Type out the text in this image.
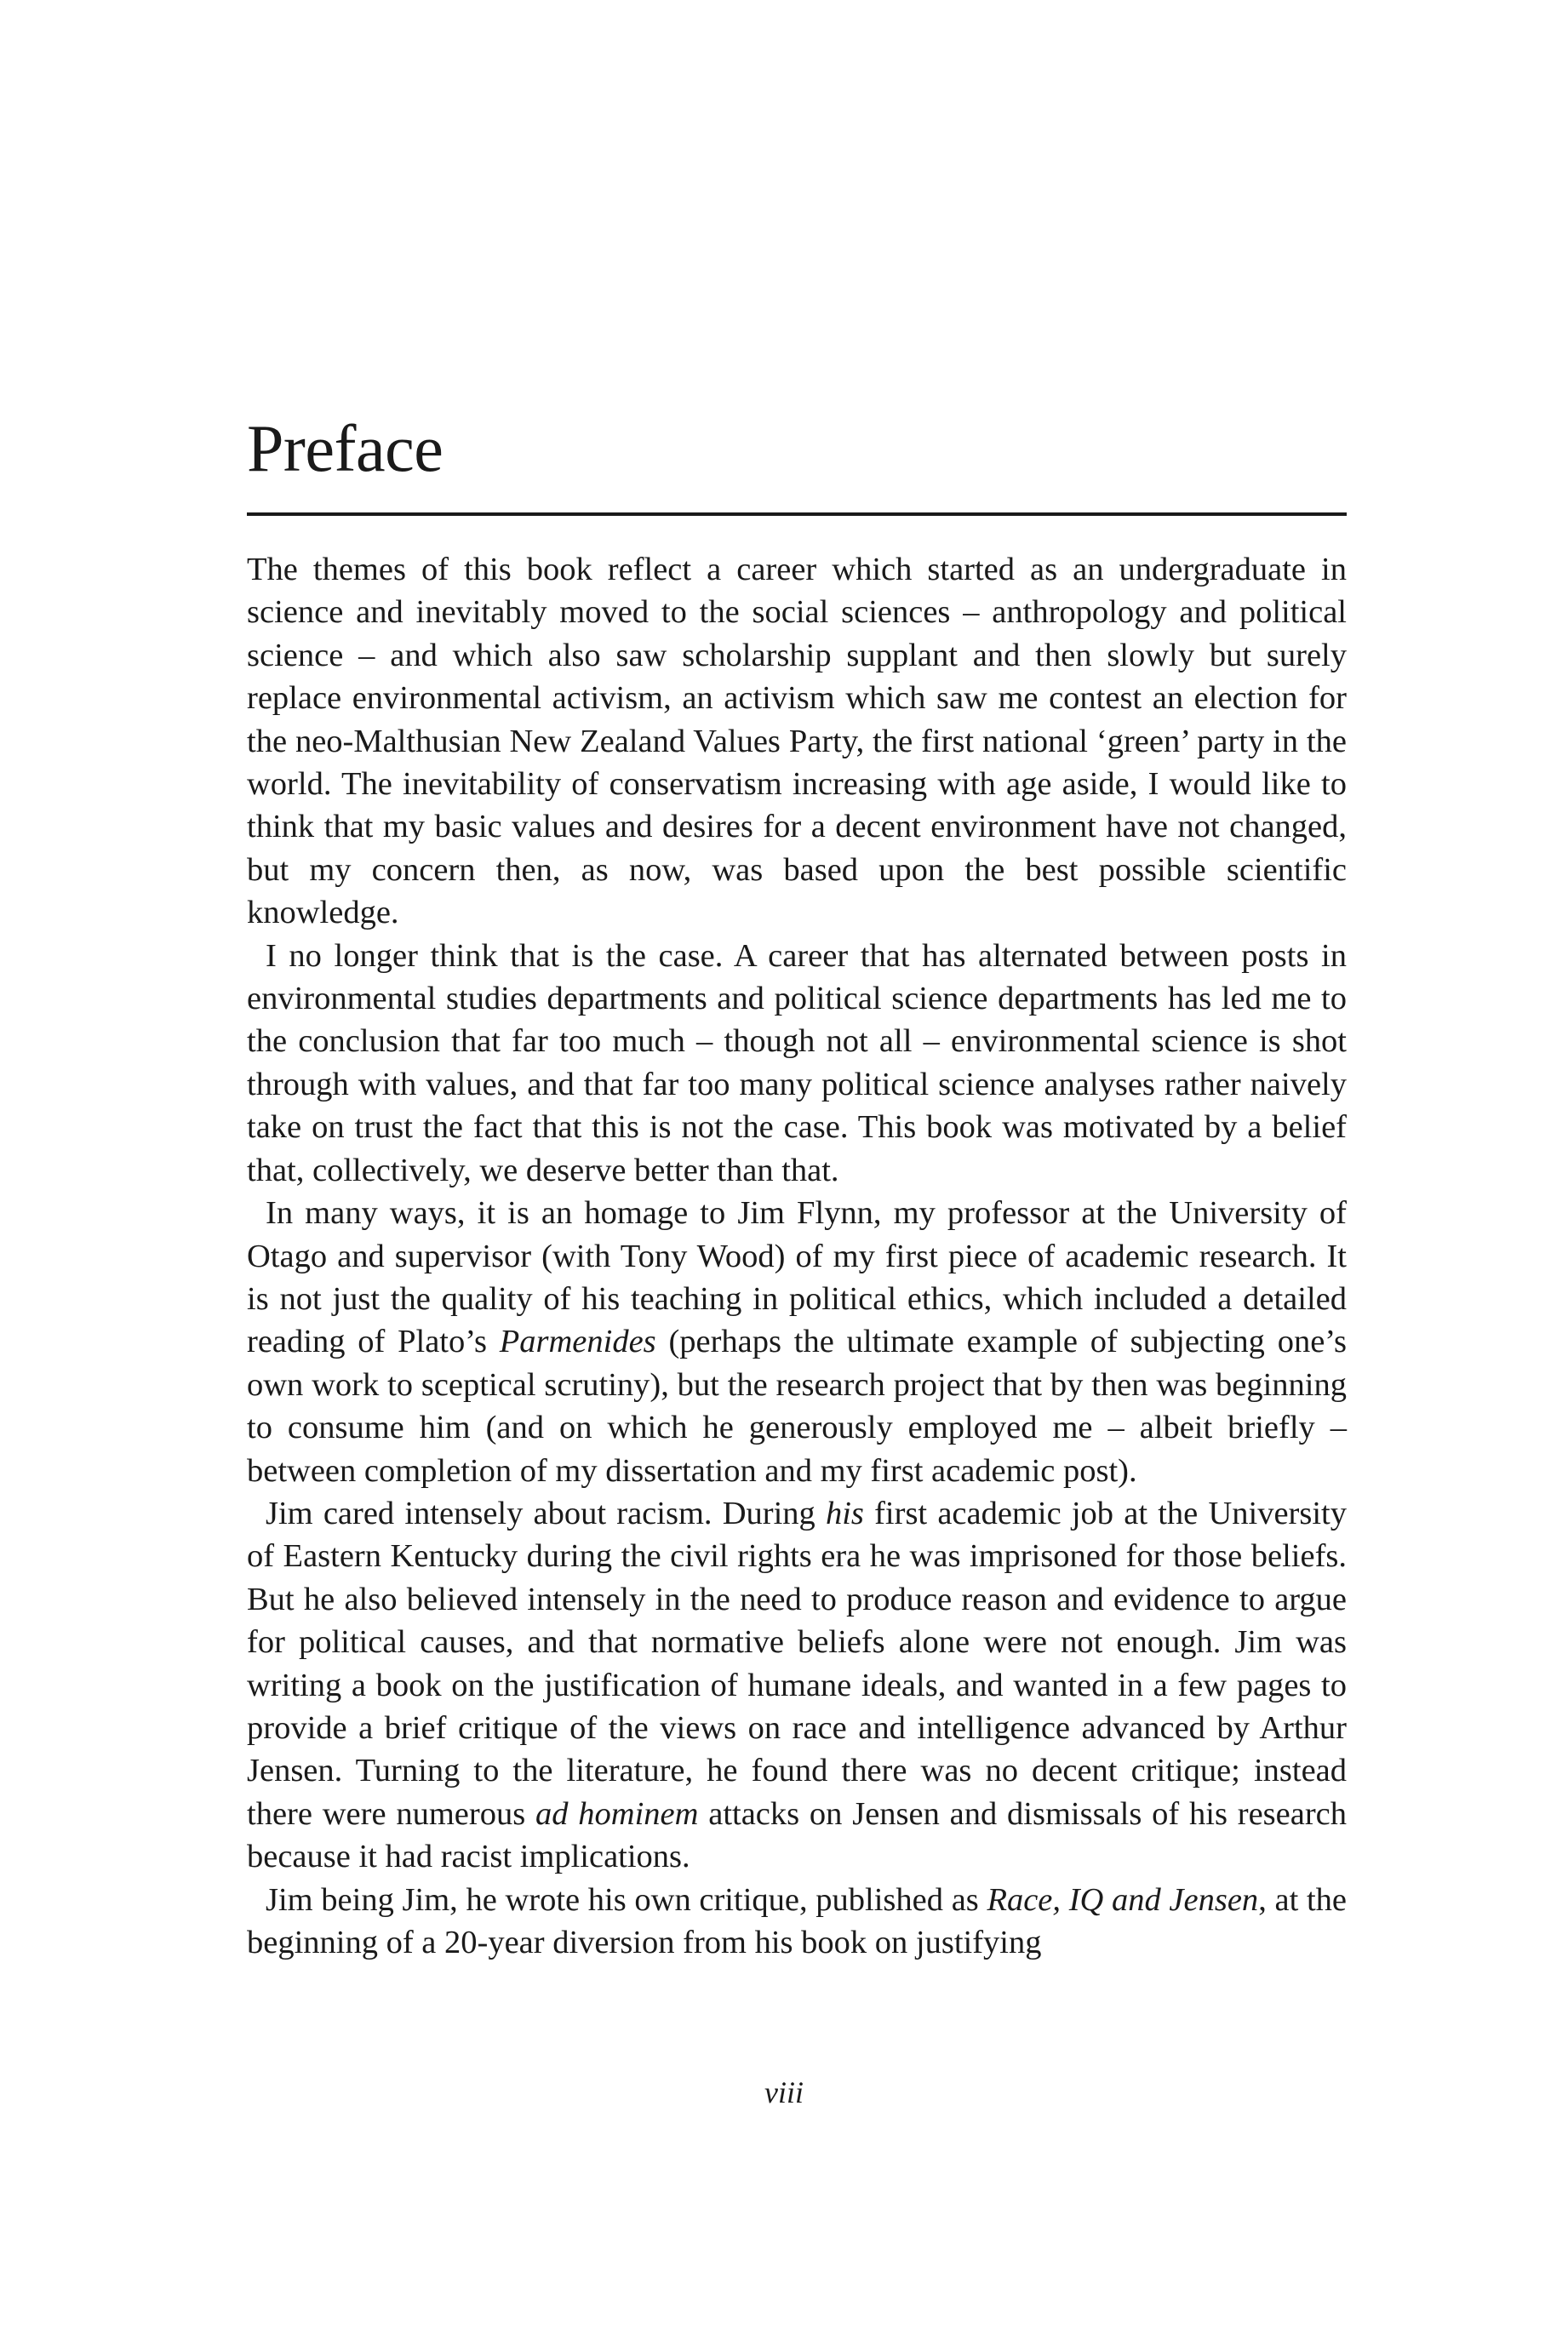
Preface

The themes of this book reflect a career which started as an undergraduate in science and inevitably moved to the social sciences – anthropology and political science – and which also saw scholarship supplant and then slowly but surely replace environmental activism, an activism which saw me contest an election for the neo-Malthusian New Zealand Values Party, the first national ‘green’ party in the world. The inevitability of conservatism increasing with age aside, I would like to think that my basic values and desires for a decent environment have not changed, but my concern then, as now, was based upon the best possible scientific knowledge.

I no longer think that is the case. A career that has alternated between posts in environmental studies departments and political science departments has led me to the conclusion that far too much – though not all – environmental science is shot through with values, and that far too many political science analyses rather naively take on trust the fact that this is not the case. This book was motivated by a belief that, collectively, we deserve better than that.

In many ways, it is an homage to Jim Flynn, my professor at the University of Otago and supervisor (with Tony Wood) of my first piece of academic research. It is not just the quality of his teaching in political ethics, which included a detailed reading of Plato’s Parmenides (perhaps the ultimate example of subjecting one’s own work to sceptical scrutiny), but the research project that by then was beginning to consume him (and on which he generously employed me – albeit briefly – between completion of my dissertation and my first academic post).

Jim cared intensely about racism. During his first academic job at the University of Eastern Kentucky during the civil rights era he was imprisoned for those beliefs. But he also believed intensely in the need to produce reason and evidence to argue for political causes, and that normative beliefs alone were not enough. Jim was writing a book on the justification of humane ideals, and wanted in a few pages to provide a brief critique of the views on race and intelligence advanced by Arthur Jensen. Turning to the literature, he found there was no decent critique; instead there were numerous ad hominem attacks on Jensen and dismissals of his research because it had racist implications.

Jim being Jim, he wrote his own critique, published as Race, IQ and Jensen, at the beginning of a 20-year diversion from his book on justifying

viii
